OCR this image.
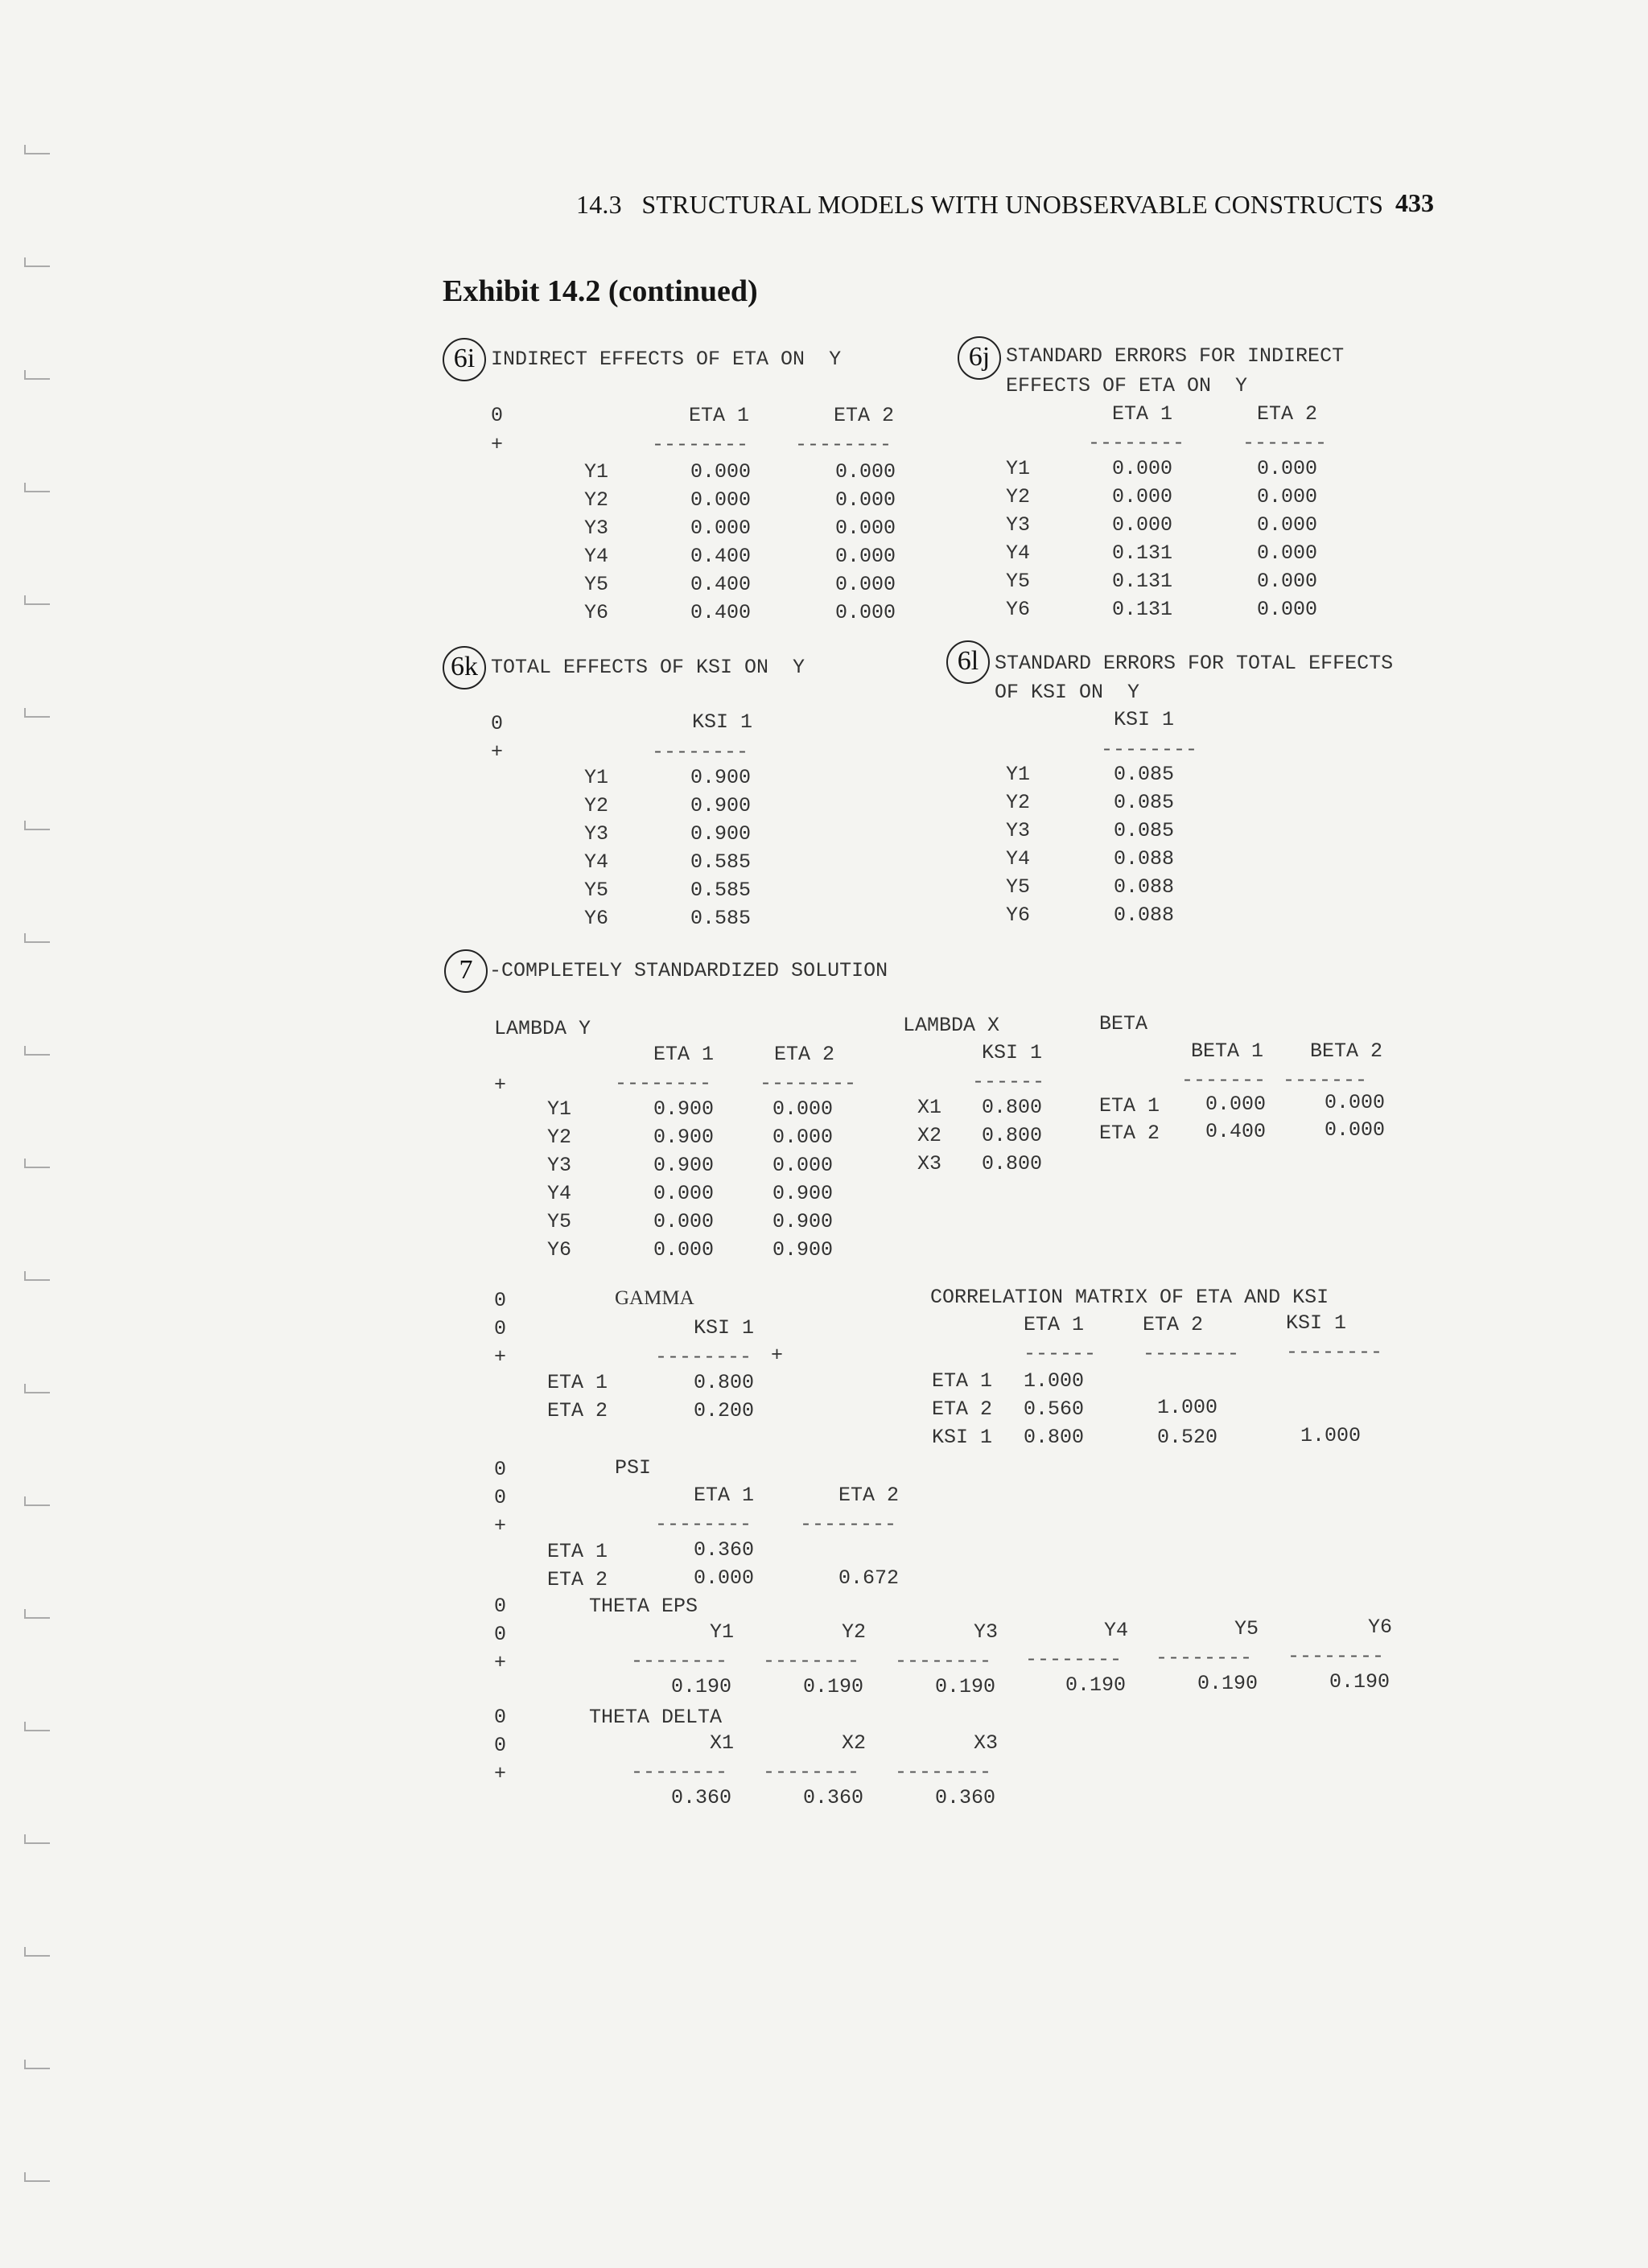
14.3   STRUCTURAL MODELS WITH UNOBSERVABLE CONSTRUCTS 433
Exhibit 14.2 (continued)
6i INDIRECT EFFECTS OF ETA ON  Y
0
+
ETA 1	ETA 2
-------- --------
Y1	0.000	0.000
Y2	0.000	0.000
Y3	0.000	0.000
Y4	0.400	0.000
Y5	0.400	0.000
Y6	0.400	0.000
6j STANDARD ERRORS FOR INDIRECT
EFFECTS OF ETA ON  Y
ETA 1	ETA 2
--------	-------
Y1	0.000	0.000
Y2	0.000	0.000
Y3	0.000	0.000
Y4	0.131	0.000
Y5	0.131	0.000
Y6	0.131	0.000
6k TOTAL EFFECTS OF KSI ON  Y
0
+
KSI 1
--------
Y1	0.900
Y2	0.900
Y3	0.900
Y4	0.585
Y5	0.585
Y6	0.585
6l STANDARD ERRORS FOR TOTAL EFFECTS
OF KSI ON  Y
KSI 1
--------
Y1	0.085
Y2	0.085
Y3	0.085
Y4	0.088
Y5	0.088
Y6	0.088
7 -COMPLETELY STANDARDIZED SOLUTION
LAMBDA Y
ETA 1	ETA 2
+	-------- --------
Y1	0.900	0.000
Y2	0.900	0.000
Y3	0.900	0.000
Y4	0.000	0.900
Y5	0.000	0.900
Y6	0.000	0.900
LAMBDA X
KSI 1
------
X1 0.800
X2 0.800
X3 0.800
BETA
BETA 1 BETA 2
------- -------
ETA 1 0.000	0.000
ETA 2 0.400	0.000
0
0
+
GAMMA
KSI 1
-------- +
ETA 1	0.800
ETA 2	0.200
CORRELATION MATRIX OF ETA AND KSI
ETA 1	ETA 2	KSI 1
------ -------- --------
ETA 1 1.000
ETA 2 0.560	1.000
KSI 1 0.800	0.520	1.000
0
0
+
PSI
ETA 1	ETA 2
-------- --------
ETA 1	0.360
ETA 2	0.000	0.672
0
0
+
THETA EPS
Y1	Y2	Y3	Y4	Y5	Y6
-------- -------- -------- -------- -------- --------
0.190	0.190	0.190	0.190	0.190	0.190
0
0
+
THETA DELTA
X1	X2	X3
-------- -------- --------
0.360	0.360	0.360
